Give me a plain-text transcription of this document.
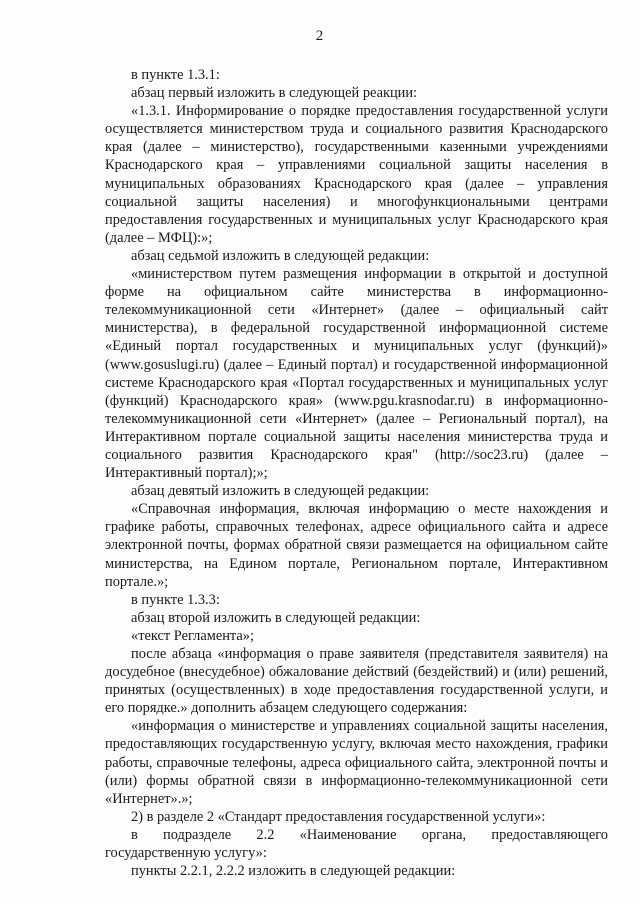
2

в пункте 1.3.1:

абзац первый изложить в следующей реакции:

«1.3.1. Информирование о порядке предоставления государственной услуги осуществляется министерством труда и социального развития Краснодарского края (далее – министерство), государственными казенными учреждениями Краснодарского края – управлениями социальной защиты населения в муниципальных образованиях Краснодарского края (далее – управления социальной защиты населения) и многофункциональными центрами предоставления государственных и муниципальных услуг Краснодарского края (далее – МФЦ):»;

абзац седьмой изложить в следующей редакции:

«министерством путем размещения информации в открытой и доступной форме на официальном сайте министерства в информационно-телекоммуникационной сети «Интернет» (далее – официальный сайт министерства), в федеральной государственной информационной системе «Единый портал государственных и муниципальных услуг (функций)» (www.gosuslugi.ru) (далее – Единый портал) и государственной информационной системе Краснодарского края «Портал государственных и муниципальных услуг (функций) Краснодарского края» (www.pgu.krasnodar.ru) в информационно-телекоммуникационной сети «Интернет» (далее – Региональный портал), на Интерактивном портале социальной защиты населения министерства труда и социального развития Краснодарского края" (http://soc23.ru) (далее – Интерактивный портал);»;

абзац девятый изложить в следующей редакции:

«Справочная информация, включая информацию о месте нахождения и графике работы, справочных телефонах, адресе официального сайта и адресе электронной почты, формах обратной связи размещается на официальном сайте министерства, на Едином портале, Региональном портале, Интерактивном портале.»;

в пункте 1.3.3:

абзац второй изложить в следующей редакции:

«текст Регламента»;

после абзаца «информация о праве заявителя (представителя заявителя) на досудебное (внесудебное) обжалование действий (бездействий) и (или) решений, принятых (осуществленных) в ходе предоставления государственной услуги, и его порядке.» дополнить абзацем следующего содержания:

«информация о министерстве и управлениях социальной защиты населения, предоставляющих государственную услугу, включая место нахождения, графики работы, справочные телефоны, адреса официального сайта, электронной почты и (или) формы обратной связи в информационно-телекоммуникационной сети «Интернет».»;

2) в разделе 2 «Стандарт предоставления государственной услуги»:

в подразделе 2.2 «Наименование органа, предоставляющего государственную услугу»:

пункты 2.2.1, 2.2.2 изложить в следующей редакции:
